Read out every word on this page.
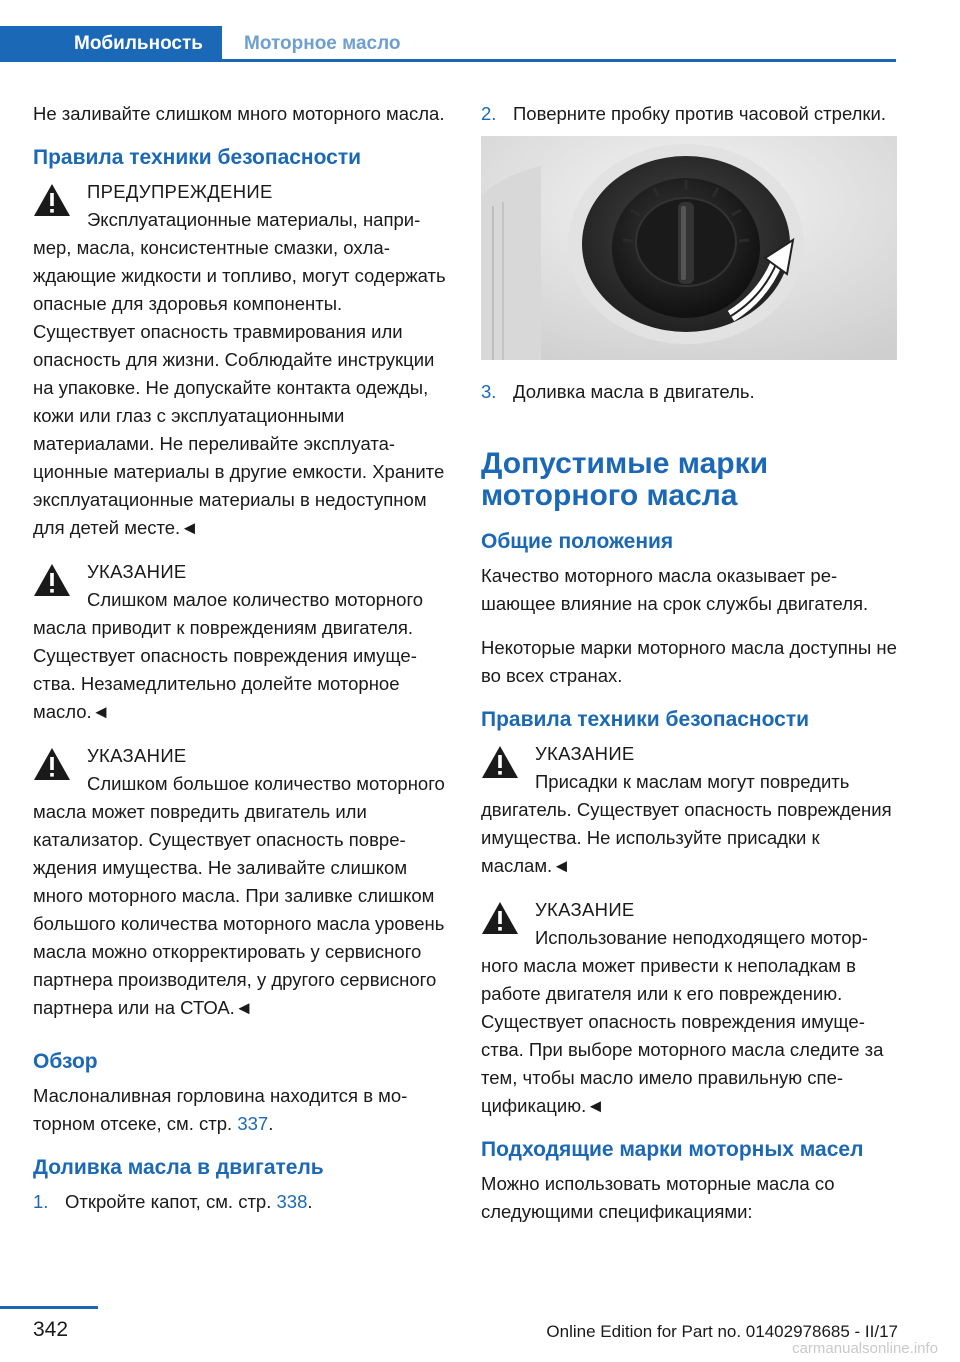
Мобильность	Моторное масло

Не заливайте слишком много моторного масла.

Правила техники безопасности
ПРЕДУПРЕЖДЕНИЕ
Эксплуатационные материалы, например, масла, консистентные смазки, охлаждающие жидкости и топливо, могут содержать опасные для здоровья компоненты. Существует опасность травмирования или опасность для жизни. Соблюдайте инструкции на упаковке. Не допускайте контакта одежды, кожи или глаз с эксплуатационными материалами. Не переливайте эксплуатационные материалы в другие емкости. Храните эксплуатационные материалы в недоступном для детей месте.◄
УКАЗАНИЕ
Слишком малое количество моторного масла приводит к повреждениям двигателя. Существует опасность повреждения имущества. Незамедлительно долейте моторное масло.◄
УКАЗАНИЕ
Слишком большое количество моторного масла может повредить двигатель или катализатор. Существует опасность повреждения имущества. Не заливайте слишком много моторного масла. При заливке слишком большого количества моторного масла уровень масла можно откорректировать у сервисного партнера производителя, у другого сервисного партнера или на СТОА.◄
Обзор

Маслоналивная горловина находится в моторном отсеке, см. стр. 337.

Доливка масла в двигатель
1. Откройте капот, см. стр. 338.
2. Поверните пробку против часовой стрелки.
3. Доливка масла в двигатель.
Допустимые марки моторного масла
Общие положения

Качество моторного масла оказывает решающее влияние на срок службы двигателя.

Некоторые марки моторного масла доступны не во всех странах.

Правила техники безопасности
УКАЗАНИЕ
Присадки к маслам могут повредить двигатель. Существует опасность повреждения имущества. Не используйте присадки к маслам.◄
УКАЗАНИЕ
Использование неподходящего моторного масла может привести к неполадкам в работе двигателя или к его повреждению. Существует опасность повреждения имущества. При выборе моторного масла следите за тем, чтобы масло имело правильную спецификацию.◄
Подходящие марки моторных масел

Можно использовать моторные масла со следующими спецификациями:

342	Online Edition for Part no. 01402978685 - II/17
carmanualsonline.info
